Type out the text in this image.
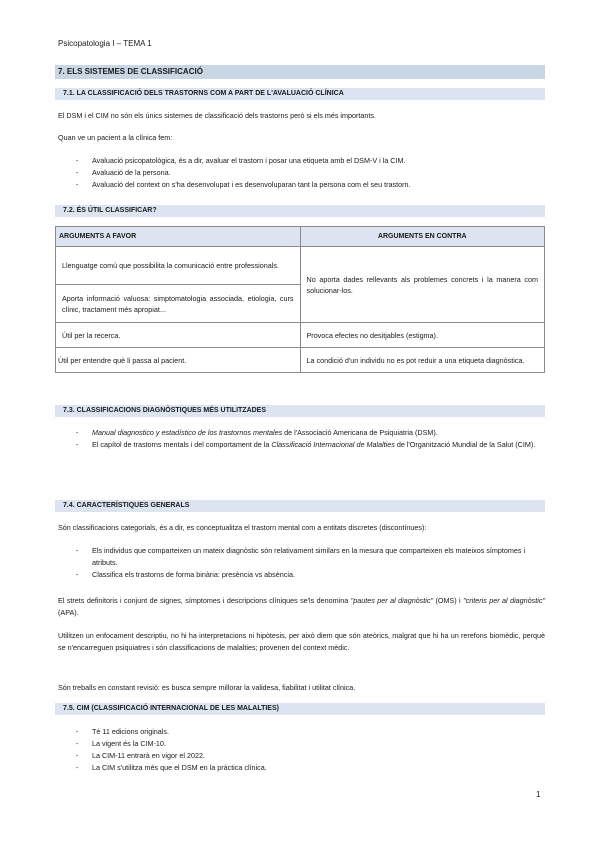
Psicopatologia I – TEMA 1
7. ELS SISTEMES DE CLASSIFICACIÓ
7.1. LA CLASSIFICACIÓ DELS TRASTORNS COM A PART DE L'AVALUACIÓ CLÍNICA
El DSM i el CIM no són els únics sistemes de classificació dels trastorns però si els més importants.
Quan ve un pacient a la clínica fem:
- Avaluació psicopatològica, és a dir, avaluar el trastorn i posar una etiqueta amb el DSM-V i la CIM.
- Avaluació de la persona.
- Avaluació del context on s'ha desenvolupat i es desenvoluparan tant la persona com el seu trastorn.
7.2. ÉS ÚTIL CLASSIFICAR?
ARGUMENTS A FAVOR	ARGUMENTS EN CONTRA
Llenguatge comú que possibilita la comunicació entre professionals.	No aporta dades rellevants als problemes concrets i la manera com solucionar-los.
Aporta informació valuosa: simptomatologia associada, etiologia, curs clínic, tractament més apropiat...	
Útil per la recerca.	Provoca efectes no desitjables (estigma).
Útil per entendre què li passa al pacient.	La condició d'un individu no es pot reduir a una etiqueta diagnòstica.
7.3. CLASSIFICACIONS DIAGNÒSTIQUES MÉS UTILITZADES
- Manual diagnostico y estadístico de los trastornos mentales de l'Associació Americana de Psiquiatria (DSM).
- El capítol de trastorns mentals i del comportament de la Classificació Internacional de Malalties de l'Organització Mundial de la Salut (CIM).
7.4. CARACTERÍSTIQUES GENERALS
Són classificacions categorials, és a dir, es conceptualitza el trastorn mental com a entitats discretes (discontínues):
- Els individus que comparteixen un mateix diagnòstic són relativament similars en la mesura que comparteixen els mateixos símptomes i atributs.
- Classifica els trastorns de forma binària: presència vs absència.
El strets definitoris i conjunt de signes, símptomes i descripcions clíniques se'ls denomina "pautes per al diagnòstic" (OMS) i "criteris per al diagnòstic" (APA).
Utilitzen un enfocament descriptiu, no hi ha interpretacions ni hipòtesis, per això diem que són ateòrics, malgrat que hi ha un rerefons biomèdic, perquè se n'encarreguen psiquiatres i són classificacions de malalties; provenen del context mèdic.
Són treballs en constant revisió: es busca sempre millorar la validesa, fiabilitat i utilitat clínica.
7.5. CIM (CLASSIFICACIÓ INTERNACIONAL DE LES MALALTIES)
- Té 11 edicions originals.
- La vigent és la CIM-10.
- La CIM-11 entrarà en vigor el 2022.
- La CIM s'utilitza més que el DSM en la pràctica clínica.
1
